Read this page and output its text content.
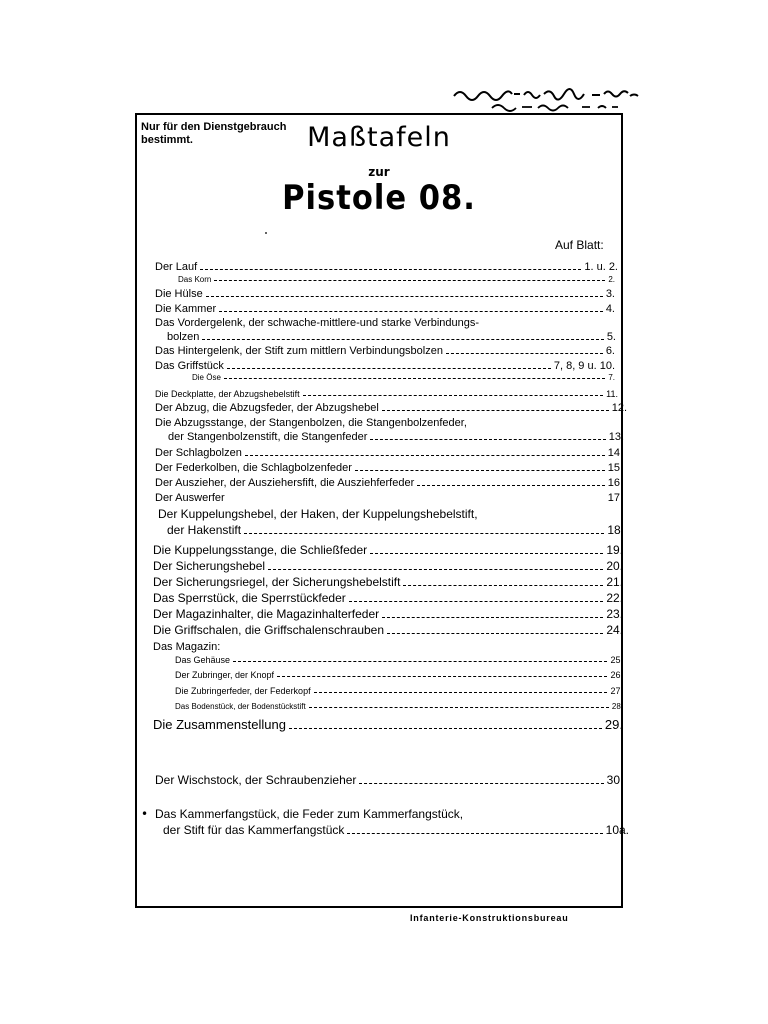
Nur für den Dienstgebrauch
bestimmt.	Maßtafeln
zur
Pistole 08.
Auf Blatt:
Der Lauf	1. u. 2.
Das Korn	2.
Die Hülse	3.
Die Kammer	4.
Das Vordergelenk, der schwache-mittlere-und starke Verbindungs-
bolzen	5.
Das Hintergelenk, der Stift zum mittlern Verbindungsbolzen	6.
Das Griffstück	7, 8, 9 u. 10.
Die Öse	7.
Die Deckplatte, der Abzugshebelstift	11.
Der Abzug, die Abzugsfeder, der Abzugshebel	12.
Die Abzugsstange, der Stangenbolzen, die Stangenbolzenfeder,
der Stangenbolzenstift, die Stangenfeder	13.
Der Schlagbolzen	14.
Der Federkolben, die Schlagbolzenfeder	15.
Der Auszieher, der Ausziehersfift, die Ausziehferfeder	16.
Der Auswerfer	17.
Der Kuppelungshebel, der Haken, der Kuppelungshebelstift,
der Hakenstift	18.
Die Kuppelungsstange, die Schließfeder	19.
Der Sicherungshebel	20.
Der Sicherungsriegel, der Sicherungshebelstift	21.
Das Sperrstück, die Sperrstückfeder	22.
Der Magazinhalter, die Magazinhalterfeder	23.
Die Griffschalen, die Griffschalenschrauben	24.
Das Magazin:
Das Gehäuse	25.
Der Zubringer, der Knopf	26.
Die Zubringerfeder, der Federkopf	27.
Das Bodenstück, der Bodenstückstift	28.
Die Zusammenstellung	29.
Der Wischstock, der Schraubenzieher	30
• Das Kammerfangstück, die Feder zum Kammerfangstück,
der Stift für das Kammerfangstück	10a.
Infanterie-Konstruktionsbureau
